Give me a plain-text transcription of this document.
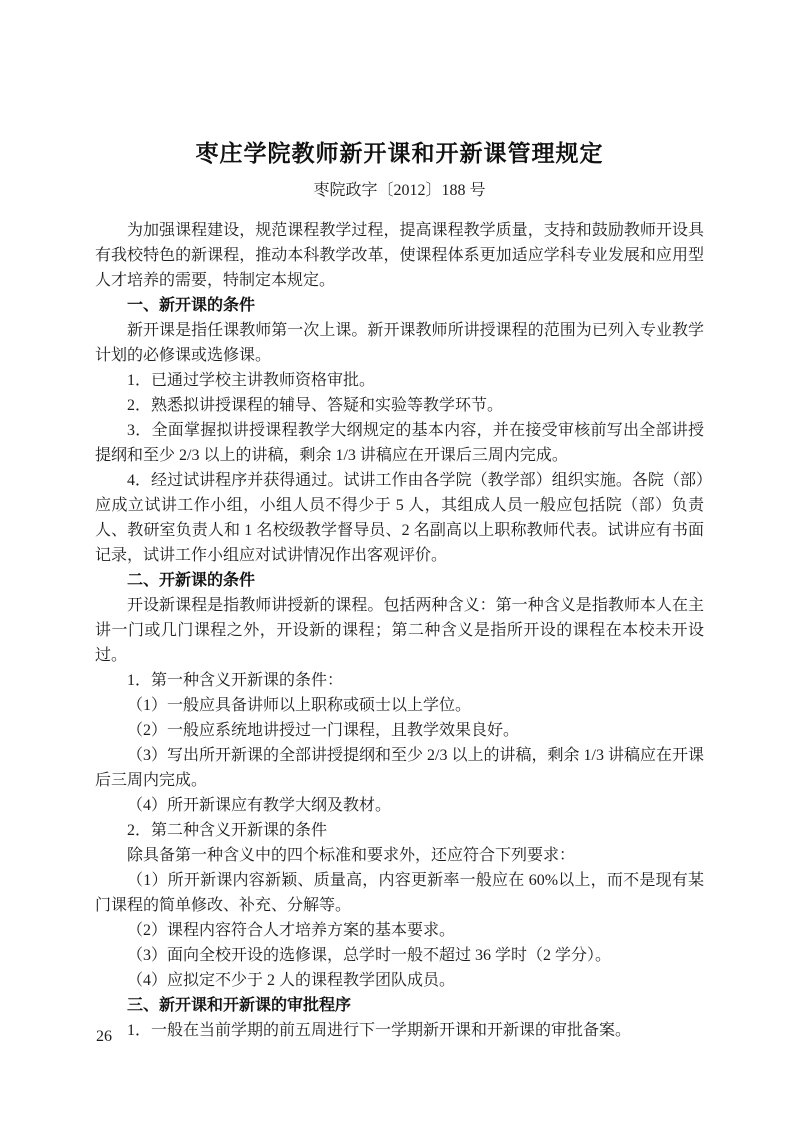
枣庄学院教师新开课和开新课管理规定
枣院政字〔2012〕188 号

为加强课程建设，规范课程教学过程，提高课程教学质量，支持和鼓励教师开设具有我校特色的新课程，推动本科教学改革，使课程体系更加适应学科专业发展和应用型人才培养的需要，特制定本规定。

一、新开课的条件

新开课是指任课教师第一次上课。新开课教师所讲授课程的范围为已列入专业教学计划的必修课或选修课。

1．已通过学校主讲教师资格审批。

2．熟悉拟讲授课程的辅导、答疑和实验等教学环节。

3．全面掌握拟讲授课程教学大纲规定的基本内容，并在接受审核前写出全部讲授提纲和至少 2/3 以上的讲稿，剩余 1/3 讲稿应在开课后三周内完成。

4．经过试讲程序并获得通过。试讲工作由各学院（教学部）组织实施。各院（部）应成立试讲工作小组，小组人员不得少于 5 人，其组成人员一般应包括院（部）负责人、教研室负责人和 1 名校级教学督导员、2 名副高以上职称教师代表。试讲应有书面记录，试讲工作小组应对试讲情况作出客观评价。

二、开新课的条件

开设新课程是指教师讲授新的课程。包括两种含义：第一种含义是指教师本人在主讲一门或几门课程之外，开设新的课程；第二种含义是指所开设的课程在本校未开设过。

1．第一种含义开新课的条件：

（1）一般应具备讲师以上职称或硕士以上学位。

（2）一般应系统地讲授过一门课程，且教学效果良好。

（3）写出所开新课的全部讲授提纲和至少 2/3 以上的讲稿，剩余 1/3 讲稿应在开课后三周内完成。

（4）所开新课应有教学大纲及教材。

2．第二种含义开新课的条件

除具备第一种含义中的四个标准和要求外，还应符合下列要求：

（1）所开新课内容新颖、质量高，内容更新率一般应在 60%以上，而不是现有某门课程的简单修改、补充、分解等。

（2）课程内容符合人才培养方案的基本要求。

（3）面向全校开设的选修课，总学时一般不超过 36 学时（2 学分）。

（4）应拟定不少于 2 人的课程教学团队成员。

三、新开课和开新课的审批程序

1．一般在当前学期的前五周进行下一学期新开课和开新课的审批备案。

26
